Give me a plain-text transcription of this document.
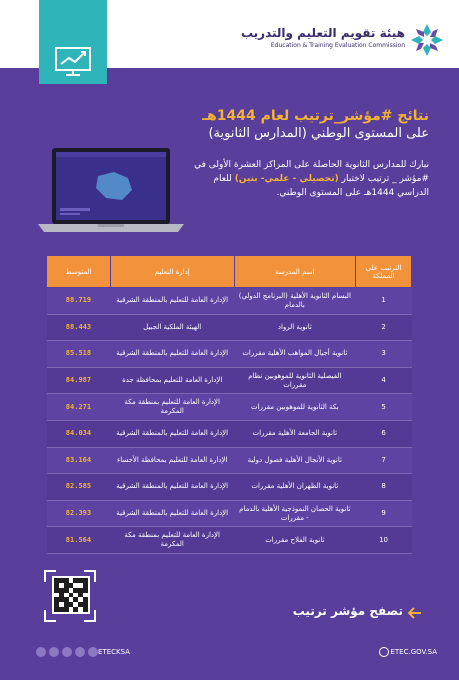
هيئة تقويم التعليم والتدريب
Education & Training Evaluation Commission
نتائج #مؤشر_ترتيب لعام 1444هـ
على المستوى الوطني (المدارس الثانوية)
نبارك للمدارس الثانوية الحاصلة على المراكز العشرة الأولى في #مؤشر _ ترتيب لاختبار (تحصيلي - علمي- بنين) للعام الدراسي 1444هـ على المستوى الوطني.
الترتيب على المملكة	اسم المدرسة	إدارة التعليم	المتوسط
1	البسام الثانوية الأهلية (البرنامج الدولي) بالدمام	الإدارة العامة للتعليم بالمنطقة الشرقية	88.719
2	ثانوية الرواد	الهيئة الملكية الجبيل	88.443
3	ثانوية أجيال المواهب الأهلية مقررات	الإدارة العامة للتعليم بالمنطقة الشرقية	85.518
4	الفيصلية الثانوية للموهوبين نظام مقررات	الإدارة العامة للتعليم بمحافظة جدة	84.987
5	بكة الثانوية للموهوبين مقررات	الإدارة العامة للتعليم بمنطقة مكة المكرمة	84.271
6	ثانوية الجامعة الأهلية مقررات	الإدارة العامة للتعليم بالمنطقة الشرقية	84.034
7	ثانوية الأنجال الأهلية فصول دولية	الإدارة العامة للتعليم بمحافظة الأحساء	83.164
8	ثانوية الظهران الأهلية مقررات	الإدارة العامة للتعليم بالمنطقة الشرقية	82.585
9	ثانوية الحصان النموذجية الأهلية بالدمام - مقررات	الإدارة العامة للتعليم بالمنطقة الشرقية	82.393
10	ثانوية الفلاح مقررات	الإدارة العامة للتعليم بمنطقة مكة المكرمة	81.564
تصفح مؤشر ترتيب
ETECKSA	ETEC.GOV.SA
